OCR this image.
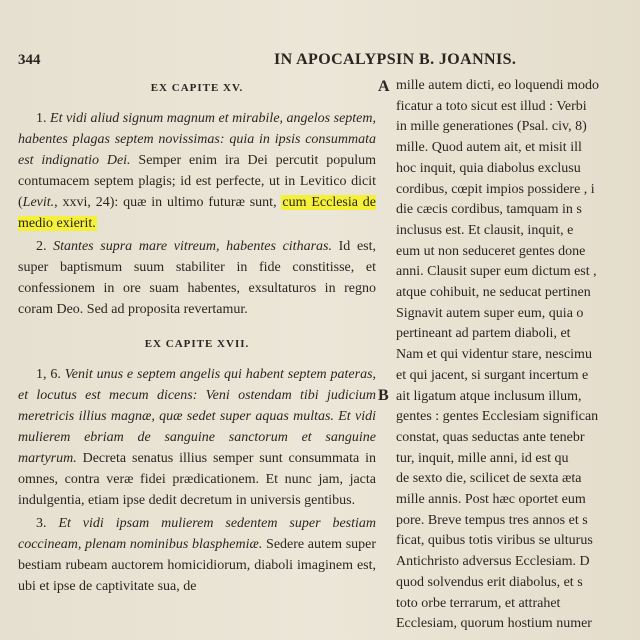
344	IN APOCALYPSIN B. JOANNIS.
EX CAPITE XV.

1. Et vidi aliud signum magnum et mirabile, angelos septem, habentes plagas septem novissimas: quia in ipsis consummata est indignatio Dei. Semper enim ira Dei percutit populum contumacem septem plagis; id est perfecte, ut in Levitico dicit (Levit., xxvi, 24): quæ in ultimo futuræ sunt, cum Ecclesia de medio exierit.

2. Stantes supra mare vitreum, habentes citharas. Id est, super baptismum suum stabiliter in fide constitisse, et confessionem in ore suam habentes, exsultaturos in regno coram Deo. Sed ad proposita revertamur.

EX CAPITE XVII.

1, 6. Venit unus e septem angelis qui habent septem pateras, et locutus est mecum dicens: Veni ostendam tibi judicium meretricis illius magnæ, quæ sedet super aquas multas. Et vidi mulierem ebriam de sanguine sanctorum et sanguine martyrum. Decreta senatus illius semper sunt consummata in omnes, contra veræ fidei prædicationem. Et nunc jam, jacta indulgentia, etiam ipse dedit decretum in universis gentibus.

3. Et vidi ipsam mulierem sedentem super bestiam coccineam, plenam nominibus blasphemiæ. Sedere autem super bestiam rubeam auctorem homicidiorum, diaboli imaginem est, ubi et ipse de captivitate sua, de

A
B

mille autem dicti, eo loquendi modo

ficatur a toto sicut est illud : Verbi

in mille generationes (Psal. civ, 8)

mille. Quod autem ait, et misit ill

hoc inquit, quia diabolus exclusu

cordibus, cœpit impios possidere , i

die cæcis cordibus, tamquam in s

inclusus est. Et clausit, inquit, e

eum ut non seduceret gentes done

anni. Clausit super eum dictum est ,

atque cohibuit, ne seducat pertinen

Signavit autem super eum, quia o

pertineant ad partem diaboli, et

Nam et qui videntur stare, nescimu

et qui jacent, si surgant incertum e

ait ligatum atque inclusum illum,

gentes : gentes Ecclesiam significan

constat, quas seductas ante tenebr

tur, inquit, mille anni, id est qu

de sexto die, scilicet de sexta æta

mille annis. Post hæc oportet eum

pore. Breve tempus tres annos et s

ficat, quibus totis viribus se ulturus

Antichristo adversus Ecclesiam. D

quod solvendus erit diabolus, et s

toto orbe terrarum, et attrahet

Ecclesiam, quorum hostium numer
